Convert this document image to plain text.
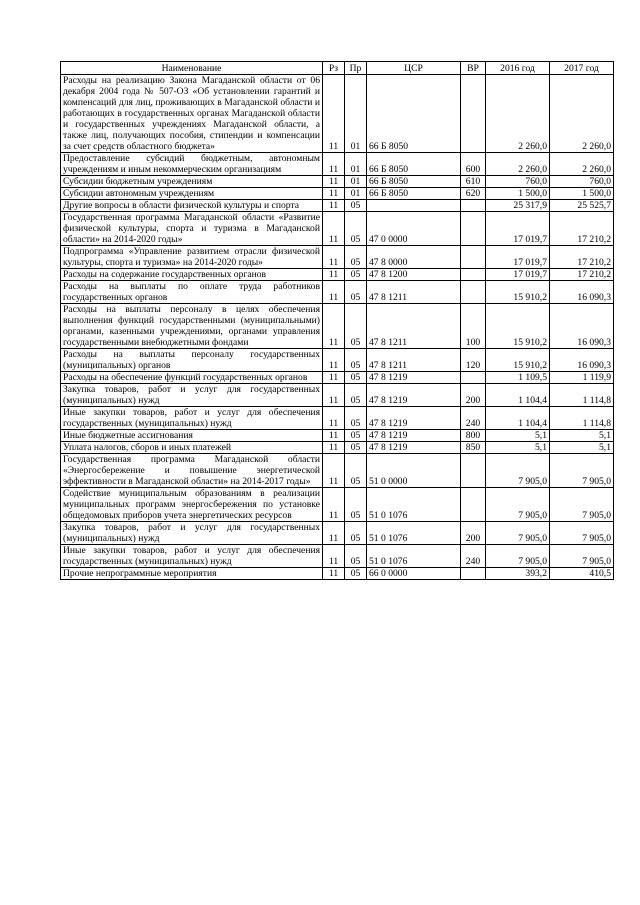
Наименование	Рз	Пр	ЦСР	ВР	2016 год	2017 год
Расходы на реализацию Закона Магаданской области от 06 декабря 2004 года № 507-ОЗ «Об установлении гарантий и компенсаций для лиц, проживающих в Магаданской области и работающих в государственных органах Магаданской области и государственных учреждениях Магаданской области, а также лиц, получающих пособия, стипендии и компенсации за счет средств областного бюджета»	11	01	66 Б 8050		2 260,0	2 260,0
Предоставление субсидий бюджетным, автономным учреждениям и иным некоммерческим организациям	11	01	66 Б 8050	600	2 260,0	2 260,0
Субсидии бюджетным учреждениям	11	01	66 Б 8050	610	760,0	760,0
Субсидии автономным учреждениям	11	01	66 Б 8050	620	1 500,0	1 500,0
Другие вопросы в области физической культуры и спорта	11	05			25 317,9	25 525,7
Государственная программа Магаданской области «Развитие физической культуры, спорта и туризма в Магаданской области» на 2014-2020 годы»	11	05	47 0 0000		17 019,7	17 210,2
Подпрограмма «Управление развитием отрасли физической культуры, спорта и туризма» на 2014-2020 годы»	11	05	47 8 0000		17 019,7	17 210,2
Расходы на содержание государственных органов	11	05	47 8 1200		17 019,7	17 210,2
Расходы на выплаты по оплате труда работников государственных органов	11	05	47 8 1211		15 910,2	16 090,3
Расходы на выплаты персоналу в целях обеспечения выполнения функций государственными (муниципальными) органами, казенными учреждениями, органами управления государственными внебюджетными фондами	11	05	47 8 1211	100	15 910,2	16 090,3
Расходы на выплаты персоналу государственных (муниципальных) органов	11	05	47 8 1211	120	15 910,2	16 090,3
Расходы на обеспечение функций государственных органов	11	05	47 8 1219		1 109,5	1 119,9
Закупка товаров, работ и услуг для государственных (муниципальных) нужд	11	05	47 8 1219	200	1 104,4	1 114,8
Иные закупки товаров, работ и услуг для обеспечения государственных (муниципальных) нужд	11	05	47 8 1219	240	1 104,4	1 114,8
Иные бюджетные ассигнования	11	05	47 8 1219	800	5,1	5,1
Уплата налогов, сборов и иных платежей	11	05	47 8 1219	850	5,1	5,1
Государственная программа Магаданской области «Энергосбережение и повышение энергетической эффективности в Магаданской области» на 2014-2017 годы»	11	05	51 0 0000		7 905,0	7 905,0
Содействие муниципальным образованиям в реализации муниципальных программ энергосбережения по установке общедомовых приборов учета энергетических ресурсов	11	05	51 0 1076		7 905,0	7 905,0
Закупка товаров, работ и услуг для государственных (муниципальных) нужд	11	05	51 0 1076	200	7 905,0	7 905,0
Иные закупки товаров, работ и услуг для обеспечения государственных (муниципальных) нужд	11	05	51 0 1076	240	7 905,0	7 905,0
Прочие непрограммные мероприятия	11	05	66 0 0000		393,2	410,5
